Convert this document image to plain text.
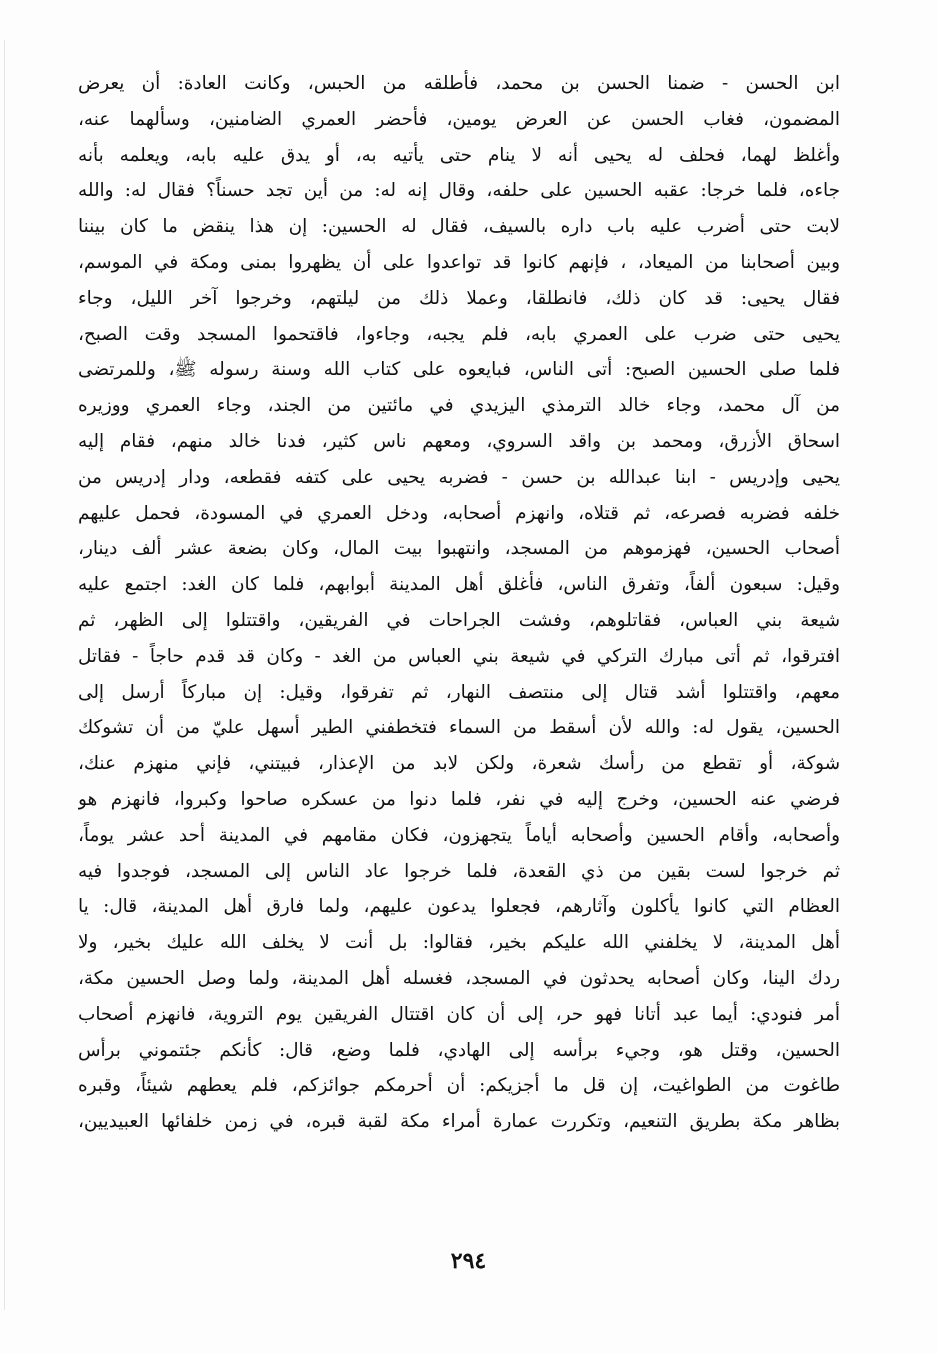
ابن الحسن - ضمنا الحسن بن محمد، فأطلقه من الحبس، وكانت العادة: أن يعرض
المضمون، فغاب الحسن عن العرض يومين، فأحضر العمري الضامنين، وسألهما عنه،
وأغلظ لهما، فحلف له يحيى أنه لا ينام حتى يأتيه به، أو يدق عليه بابه، ويعلمه بأنه
جاءه، فلما خرجا: عقبه الحسين على حلفه، وقال إنه له: من أين تجد حسناً؟ فقال له: والله
لابت حتى أضرب عليه باب داره بالسيف، فقال له الحسين: إن هذا ينقض ما كان بيننا
وبين أصحابنا من الميعاد، ، فإنهم كانوا قد تواعدوا على أن يظهروا بمنى ومكة في الموسم،
فقال يحيى: قد كان ذلك، فانطلقا، وعملا ذلك من ليلتهم، وخرجوا آخر الليل، وجاء
يحيى حتى ضرب على العمري بابه، فلم يجبه، وجاءوا، فاقتحموا المسجد وقت الصبح،
فلما صلى الحسين الصبح: أتى الناس، فبايعوه على كتاب الله وسنة رسوله ﷺ، وللمرتضى
من آل محمد، وجاء خالد الترمذي اليزيدي في مائتين من الجند، وجاء العمري ووزيره
اسحاق الأزرق، ومحمد بن واقد السروي، ومعهم ناس كثير، فدنا خالد منهم، فقام إليه
يحيى وإدريس - ابنا عبدالله بن حسن - فضربه يحيى على كتفه فقطعه، ودار إدريس من
خلفه فضربه فصرعه، ثم قتلاه، وانهزم أصحابه، ودخل العمري في المسودة، فحمل عليهم
أصحاب الحسين، فهزموهم من المسجد، وانتهبوا بيت المال، وكان بضعة عشر ألف دينار،
وقيل: سبعون ألفاً، وتفرق الناس، فأغلق أهل المدينة أبوابهم، فلما كان الغد: اجتمع عليه
شيعة بني العباس، فقاتلوهم، وفشت الجراحات في الفريقين، واقتتلوا إلى الظهر، ثم
افترقوا، ثم أتى مبارك التركي في شيعة بني العباس من الغد - وكان قد قدم حاجاً - فقاتل
معهم، واقتتلوا أشد قتال إلى منتصف النهار، ثم تفرقوا، وقيل: إن مباركاً أرسل إلى
الحسين، يقول له: والله لأن أسقط من السماء فتخطفني الطير أسهل عليّ من أن تشوكك
شوكة، أو تقطع من رأسك شعرة، ولكن لابد من الإعذار، فبيتني، فإني منهزم عنك،
فرضي عنه الحسين، وخرج إليه في نفر، فلما دنوا من عسكره صاحوا وكبروا، فانهزم هو
وأصحابه، وأقام الحسين وأصحابه أياماً يتجهزون، فكان مقامهم في المدينة أحد عشر يوماً،
ثم خرجوا لست بقين من ذي القعدة، فلما خرجوا عاد الناس إلى المسجد، فوجدوا فيه
العظام التي كانوا يأكلون وآثارهم، فجعلوا يدعون عليهم، ولما فارق أهل المدينة، قال: يا
أهل المدينة، لا يخلفني الله عليكم بخير، فقالوا: بل أنت لا يخلف الله عليك بخير، ولا
ردك الينا، وكان أصحابه يحدثون في المسجد، فغسله أهل المدينة، ولما وصل الحسين مكة،
أمر فنودي: أيما عبد أتانا فهو حر، إلى أن كان اقتتال الفريقين يوم التروية، فانهزم أصحاب
الحسين، وقتل هو، وجيء برأسه إلى الهادي، فلما وضع، قال: كأنكم جئتموني برأس
طاغوت من الطواغيت، إن قل ما أجزيكم: أن أحرمكم جوائزكم، فلم يعطهم شيئاً، وقبره
بظاهر مكة بطريق التنعيم، وتكررت عمارة أمراء مكة لقبة قبره، في زمن خلفائها العبيديين،
٢٩٤
